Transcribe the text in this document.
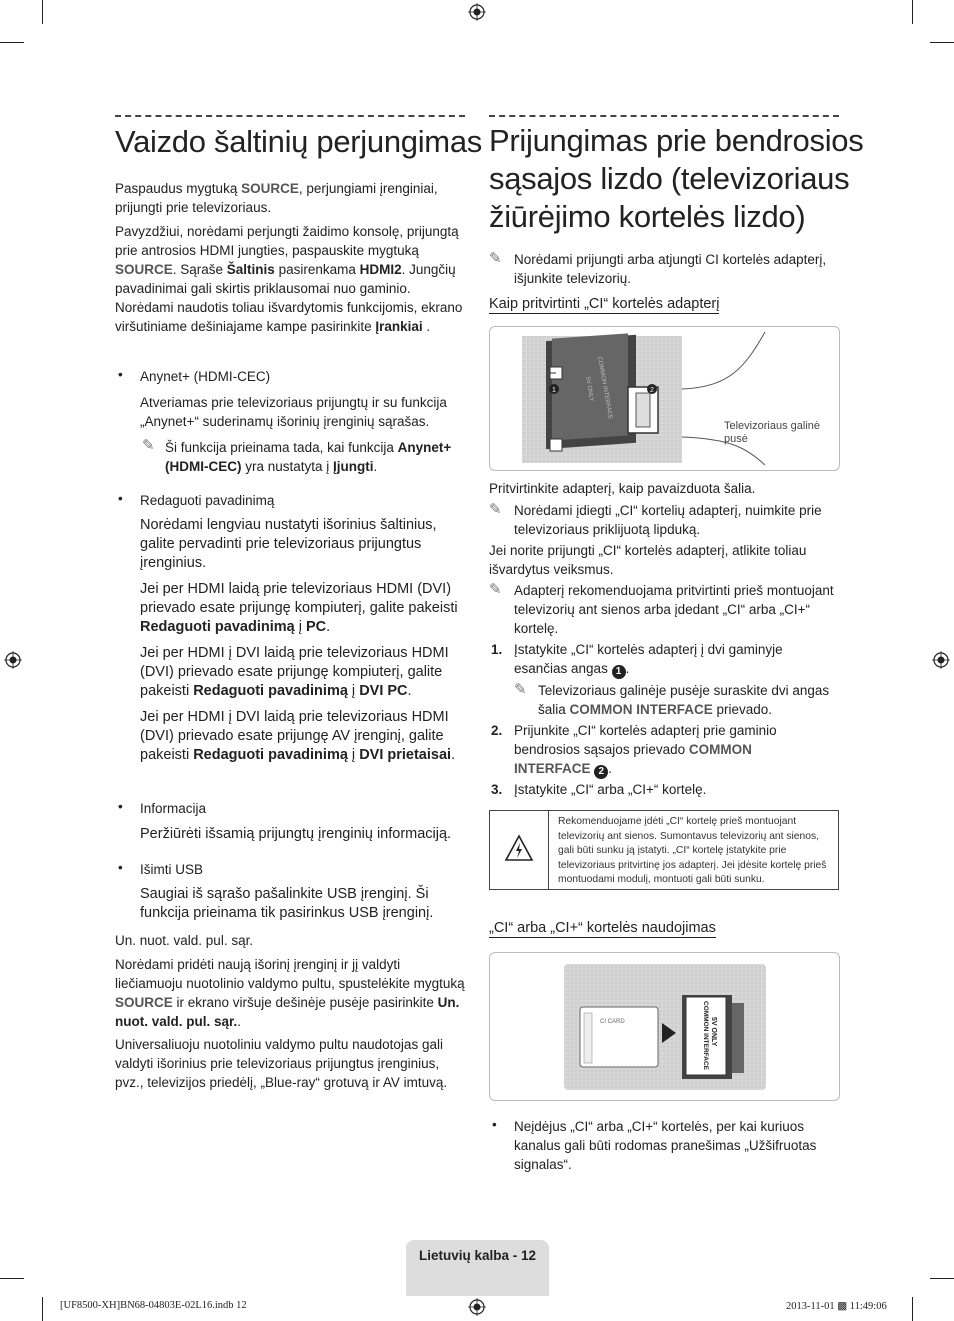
Vaizdo šaltinių perjungimas

Paspaudus mygtuką SOURCE, perjungiami įrenginiai, prijungti prie televizoriaus.

Pavyzdžiui, norėdami perjungti žaidimo konsolę, prijungtą prie antrosios HDMI jungties, paspauskite mygtuką SOURCE. Sąraše Šaltinis pasirenkama HDMI2. Jungčių pavadinimai gali skirtis priklausomai nuo gaminio. Norėdami naudotis toliau išvardytomis funkcijomis, ekrano viršutiniame dešiniajame kampe pasirinkite Įrankiai .

• Anynet+ (HDMI-CEC)

Atveriamas prie televizoriaus prijungtų ir su funkcija „Anynet+“ suderinamų išorinių įrenginių sąrašas.

✎ Ši funkcija prieinama tada, kai funkcija Anynet+ (HDMI-CEC) yra nustatyta į Įjungti.

• Redaguoti pavadinimą

Norėdami lengviau nustatyti išorinius šaltinius, galite pervadinti prie televizoriaus prijungtus įrenginius.

Jei per HDMI laidą prie televizoriaus HDMI (DVI) prievado esate prijungę kompiuterį, galite pakeisti Redaguoti pavadinimą į PC.

Jei per HDMI į DVI laidą prie televizoriaus HDMI (DVI) prievado esate prijungę kompiuterį, galite pakeisti Redaguoti pavadinimą į DVI PC.

Jei per HDMI į DVI laidą prie televizoriaus HDMI (DVI) prievado esate prijungę AV įrenginį, galite pakeisti Redaguoti pavadinimą į DVI prietaisai.

• Informacija

Peržiūrėti išsamią prijungtų įrenginių informaciją.

• Išimti USB

Saugiai iš sąrašo pašalinkite USB įrenginį. Ši funkcija prieinama tik pasirinkus USB įrenginį.

Un. nuot. vald. pul. sąr.

Norėdami pridėti naują išorinį įrenginį ir jį valdyti liečiamuoju nuotolinio valdymo pultu, spustelėkite mygtuką SOURCE ir ekrano viršuje dešinėje pusėje pasirinkite Un. nuot. vald. pul. sąr..

Universaliuoju nuotoliniu valdymo pultu naudotojas gali valdyti išorinius prie televizoriaus prijungtus įrenginius, pvz., televizijos priedėlį, „Blue-ray“ grotuvą ir AV imtuvą.

Prijungimas prie bendrosios
sąsajos lizdo (televizoriaus
žiūrėjimo kortelės lizdo)
✎ Norėdami prijungti arba atjungti CI kortelės adapterį, išjunkite televizorių.

Kaip pritvirtinti „CI“ kortelės adapterį
1	2
COMMON INTERFACE
5V ONLY

Televizoriaus galinė pusė

Pritvirtinkite adapterį, kaip pavaizduota šalia.

✎ Norėdami įdiegti „CI“ kortelių adapterį, nuimkite prie televizoriaus priklijuotą lipduką.

Jei norite prijungti „CI“ kortelės adapterį, atlikite toliau išvardytus veiksmus.

✎ Adapterį rekomenduojama pritvirtinti prieš montuojant televizorių ant sienos arba įdedant „CI“ arba „CI+“ kortelę.

1. Įstatykite „CI“ kortelės adapterį į dvi gaminyje esančias angas 1 .

✎ Televizoriaus galinėje pusėje suraskite dvi angas šalia COMMON INTERFACE prievado.

2. Prijunkite „CI“ kortelės adapterį prie gaminio bendrosios sąsajos prievado COMMON INTERFACE 2 .

3. Įstatykite „CI“ arba „CI+“ kortelę.

Rekomenduojame įdėti „CI“ kortelę prieš montuojant televizorių ant sienos. Sumontavus televizorių ant sienos, gali būti sunku ją įstatyti. „CI“ kortelę įstatykite prie televizoriaus pritvirtinę jos adapterį. Jei įdėsite kortelę prieš montuodami modulį, montuoti gali būti sunku.

„CI“ arba „CI+“ kortelės naudojimas
CI CARD	COMMON INTERFACE 5V ONLY
• Neįdėjus „CI“ arba „CI+“ kortelės, per kai kuriuos kanalus gali būti rodomas pranešimas „Užšifruotas signalas“.

Lietuvių kalba - 12

[UF8500-XH]BN68-04803E-02L16.indb 12	2013-11-01 ▩ 11:49:06
